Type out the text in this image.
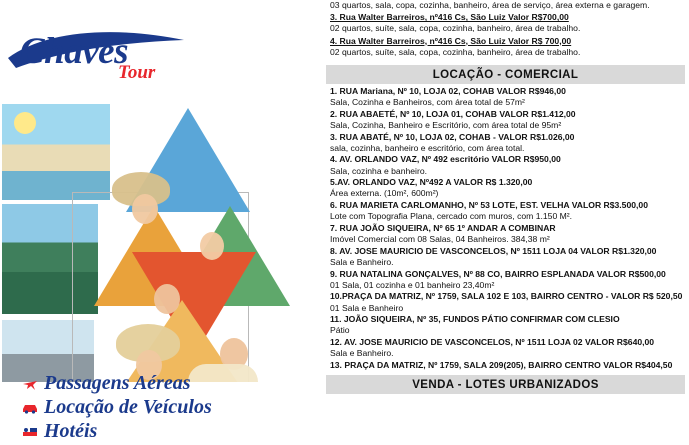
Chaves
Tour
Passagens Aéreas
Locação de Veículos
Hotéis
03 quartos, sala, copa, cozinha, banheiro, área de serviço, área externa e garagem.
3. Rua Walter Barreiros, nº416 Cs, São Luiz Valor R$700,00
02 quartos, suíte, sala, copa, cozinha, banheiro, área de trabalho.
4. Rua Walter Barreiros, nº416 Cs, São Luiz Valor R$ 700,00
02 quartos, suíte, sala, copa, cozinha, banheiro, área de trabalho.
LOCAÇÃO - COMERCIAL
1. RUA Mariana, Nº 10, LOJA 02, COHAB VALOR R$946,00
Sala, Cozinha e Banheiros, com área total de 57m²
2. RUA ABAETÉ, Nº 10, LOJA 01, COHAB VALOR R$1.412,00
Sala, Cozinha, Banheiro e Escritório, com área total de 95m²
3. RUA ABATÉ, Nº 10, LOJA 02, COHAB - VALOR R$1.026,00
sala, cozinha, banheiro e escritório, com área total.
4. AV. ORLANDO VAZ, Nº 492 escritório VALOR R$950,00
Sala, cozinha e banheiro.
5.AV. ORLANDO VAZ, Nº492 A VALOR R$ 1.320,00
Área externa. (10m², 600m²)
6. RUA MARIETA CARLOMANHO, Nº 53 LOTE, EST. VELHA VALOR R$3.500,00
Lote com Topografia Plana, cercado com muros, com 1.150 M².
7. RUA JOÃO SIQUEIRA, Nº 65 1º ANDAR A COMBINAR
Imóvel Comercial com 08 Salas, 04 Banheiros. 384,38 m²
8. AV. JOSE MAURICIO DE VASCONCELOS, Nº 1511 LOJA 04 VALOR R$1.320,00
Sala e Banheiro.
9. RUA NATALINA GONÇALVES, Nº 88 CO, BAIRRO ESPLANADA VALOR R$500,00
01 Sala, 01 cozinha e 01 banheiro 23,40m²
10.PRAÇA DA MATRIZ, Nº 1759, SALA 102 E 103, BAIRRO CENTRO - VALOR R$ 520,50
01 Sala e Banheiro
11. JOÃO SIQUEIRA, Nº 35, FUNDOS PÁTIO CONFIRMAR COM CLESIO
Pátio
12. AV. JOSE MAURICIO DE VASCONCELOS, Nº 1511 LOJA 02 VALOR R$640,00
Sala e Banheiro.
13. PRAÇA DA MATRIZ, Nº 1759, SALA 209(205), BAIRRO CENTRO VALOR R$404,50
VENDA - LOTES URBANIZADOS
